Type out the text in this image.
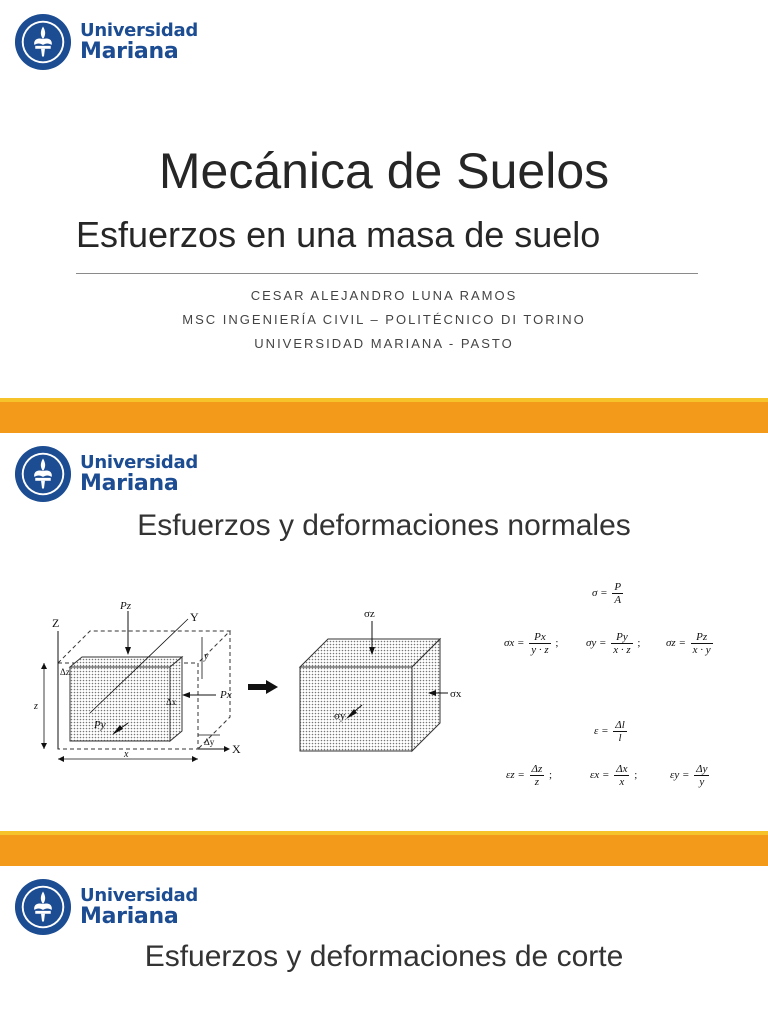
Universidad
Mariana
Mecánica de Suelos
Esfuerzos en una masa de suelo
CESAR ALEJANDRO LUNA RAMOS
MSC INGENIERÍA CIVIL – POLITÉCNICO DI TORINO
UNIVERSIDAD MARIANA - PASTO
Universidad
Mariana
Esfuerzos y deformaciones normales
Z	Y
X
Pz
Px
Py
Δz
Δx
Δy
y
z
x
σz
σx
σy
$\sigma = \frac{P}{A}$
$\sigma x = \frac{Px}{y \cdot z}$ ;	$\sigma y = \frac{Py}{x \cdot z}$ ; $\sigma z = \frac{Pz}{x \cdot y}$
$\varepsilon = \frac{\Delta l}{l}$
$\varepsilon z = \frac{\Delta z}{z}$ ;	$\varepsilon x = \frac{\Delta x}{x}$ ;	$\varepsilon y = \frac{\Delta y}{y}$
Universidad
Mariana
Esfuerzos y deformaciones de corte
